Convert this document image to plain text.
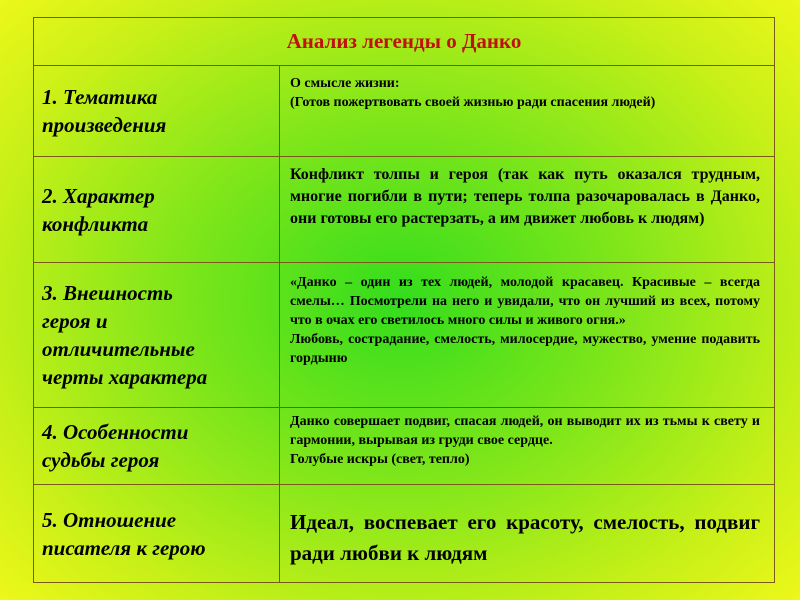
Анализ легенды о Данко
1. Тематика
произведения
О смысле жизни:
(Готов пожертвовать своей жизнью ради спасения людей)
2. Характер
конфликта
Конфликт толпы и героя (так как путь оказался трудным, многие погибли в пути; теперь толпа разочаровалась в Данко, они готовы его растерзать, а им движет любовь к людям)
3. Внешность
героя и
отличительные
черты характера
«Данко – один из тех людей, молодой красавец. Красивые – всегда смелы… Посмотрели на него и увидали, что он лучший из всех, потому что в очах его светилось много силы и живого огня.»
Любовь, сострадание, смелость, милосердие, мужество, умение подавить гордыню
4. Особенности
судьбы героя
Данко совершает подвиг, спасая людей, он выводит их из тьмы к свету и гармонии, вырывая из груди свое сердце.
Голубые искры (свет, тепло)
5. Отношение
писателя к герою
Идеал, воспевает его красоту, смелость, подвиг ради любви к людям
